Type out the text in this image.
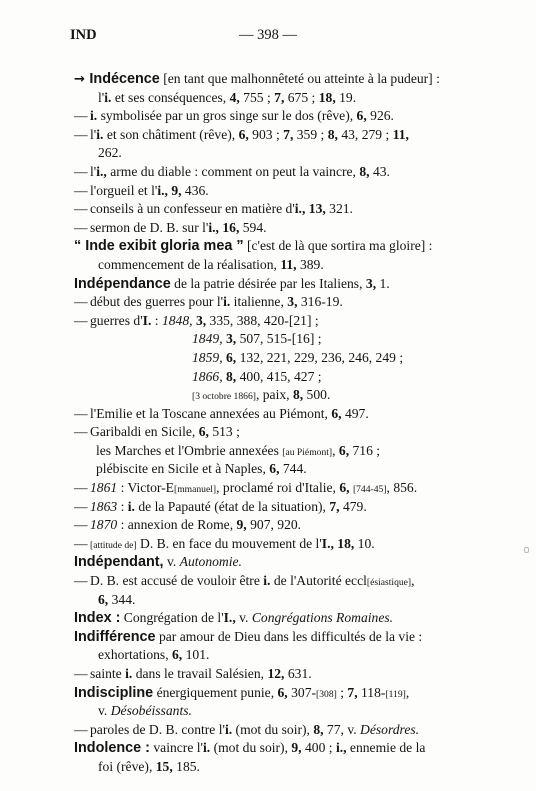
IND	— 398 —
→ Indécence [en tant que malhonnêteté ou atteinte à la pudeur] :
l'i. et ses conséquences, 4, 755 ; 7, 675 ; 18, 19.
—i. symbolisée par un gros singe sur le dos (rêve), 6, 926.
—l'i. et son châtiment (rêve), 6, 903 ; 7, 359 ; 8, 43, 279 ; 11,
262.
—l'i., arme du diable : comment on peut la vaincre, 8, 43.
—l'orgueil et l'i., 9, 436.
—conseils à un confesseur en matière d'i., 13, 321.
—sermon de D. B. sur l'i., 16, 594.
“ Inde exibit gloria mea ” [c'est de là que sortira ma gloire] :
commencement de la réalisation, 11, 389.
Indépendance de la patrie désirée par les Italiens, 3, 1.
—début des guerres pour l'i. italienne, 3, 316-19.
—guerres d'I. : 1848, 3, 335, 388, 420-[21] ;
1849, 3, 507, 515-[16] ;
1859, 6, 132, 221, 229, 236, 246, 249 ;
1866, 8, 400, 415, 427 ;
[3 octobre 1866], paix, 8, 500.
—l'Emilie et la Toscane annexées au Piémont, 6, 497.
—Garibaldi en Sicile, 6, 513 ;
les Marches et l'Ombrie annexées [au Piémont], 6, 716 ;
plébiscite en Sicile et à Naples, 6, 744.
—1861 : Victor-E[mmanuel], proclamé roi d'Italie, 6, [744-45], 856.
—1863 : i. de la Papauté (état de la situation), 7, 479.
—1870 : annexion de Rome, 9, 907, 920.
—[attitude de] D. B. en face du mouvement de l'I., 18, 10.
Indépendant, v. Autonomie.
—D. B. est accusé de vouloir être i. de l'Autorité eccl[ésiastique],
6, 344.
Index : Congrégation de l'I., v. Congrégations Romaines.
Indifférence par amour de Dieu dans les difficultés de la vie :
exhortations, 6, 101.
—sainte i. dans le travail Salésien, 12, 631.
Indiscipline énergiquement punie, 6, 307-[308] ; 7, 118-[119],
v. Désobéissants.
—paroles de D. B. contre l'i. (mot du soir), 8, 77, v. Désordres.
Indolence : vaincre l'i. (mot du soir), 9, 400 ; i., ennemie de la
foi (rêve), 15, 185.
